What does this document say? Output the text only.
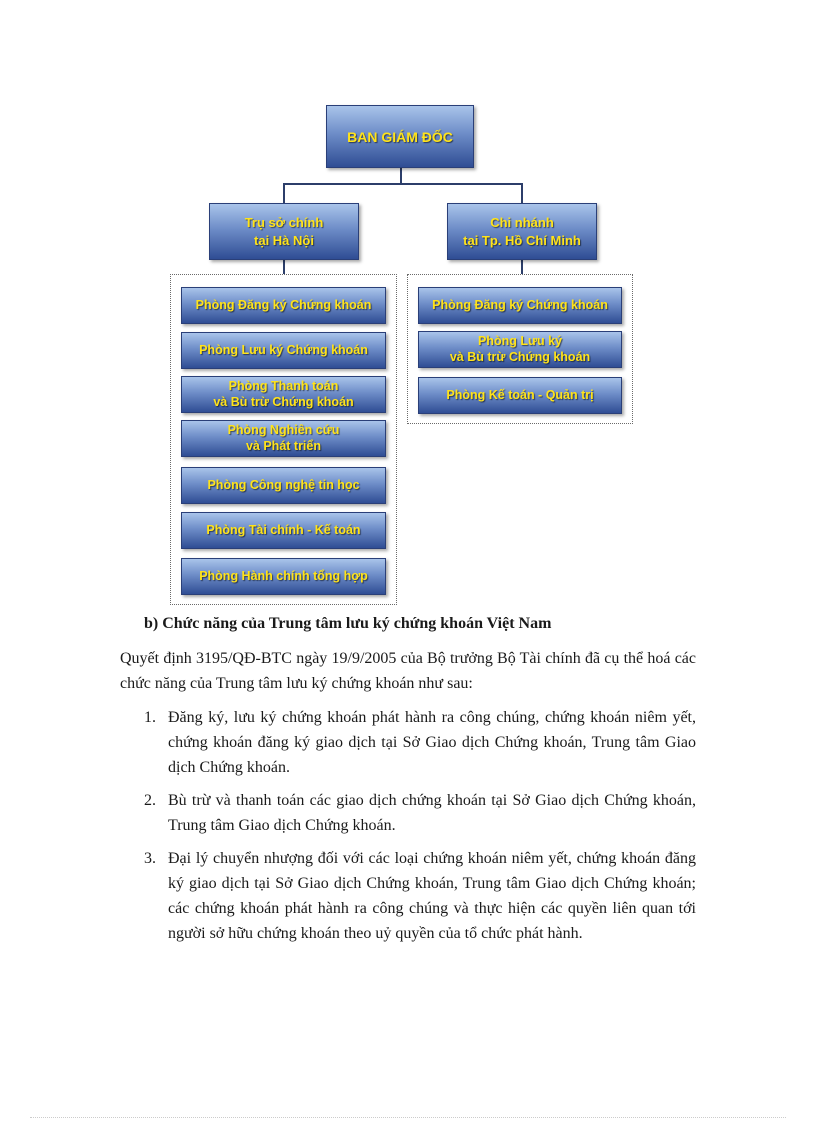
BAN GIÁM ĐỐC
Trụ sở chính
tại Hà Nội
Chi nhánh
tại Tp. Hồ Chí Minh
Phòng Đăng ký Chứng khoán
Phòng Lưu ký Chứng khoán
Phòng Thanh toán
và Bù trừ Chứng khoán
Phòng Nghiên cứu
và Phát triển
Phòng Công nghệ tin học
Phòng Tài chính - Kế toán
Phòng Hành chính tổng hợp
Phòng Đăng ký Chứng khoán
Phòng Lưu ký
và Bù trừ Chứng khoán
Phòng Kế toán - Quản trị
b) Chức năng của Trung tâm lưu ký chứng khoán Việt Nam

Quyết định 3195/QĐ-BTC ngày 19/9/2005 của Bộ trưởng Bộ Tài chính đã cụ thể hoá các chức năng của Trung tâm lưu ký chứng khoán như sau:

1. Đăng ký, lưu ký chứng khoán phát hành ra công chúng, chứng khoán niêm yết, chứng khoán đăng ký giao dịch tại Sở Giao dịch Chứng khoán, Trung tâm Giao dịch Chứng khoán.
2. Bù trừ và thanh toán các giao dịch chứng khoán tại Sở Giao dịch Chứng khoán, Trung tâm Giao dịch Chứng khoán.
3. Đại lý chuyển nhượng đối với các loại chứng khoán niêm yết, chứng khoán đăng ký giao dịch tại Sở Giao dịch Chứng khoán, Trung tâm Giao dịch Chứng khoán; các chứng khoán phát hành ra công chúng và thực hiện các quyền liên quan tới người sở hữu chứng khoán theo uỷ quyền của tổ chức phát hành.
